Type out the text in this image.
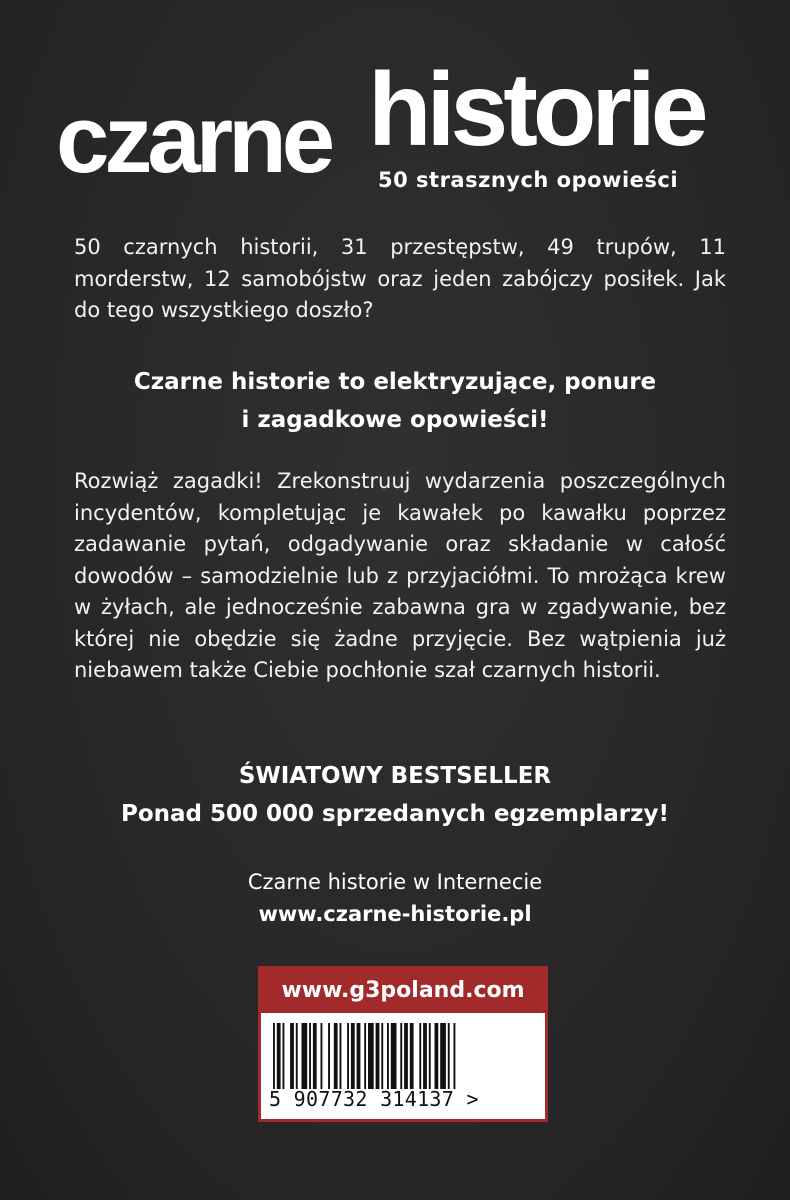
czarne historie
50 strasznych opowieści
50 czarnych historii, 31 przestępstw, 49 trupów, 11 morderstw, 12 samobójstw oraz jeden zabójczy posiłek. Jak do tego wszystkiego doszło?
Czarne historie to elektryzujące, ponure
i zagadkowe opowieści!
Rozwiąż zagadki! Zrekonstruuj wydarzenia poszczególnych incydentów, kompletując je kawałek po kawałku poprzez zadawanie pytań, odgadywanie oraz składanie w całość dowodów – samodzielnie lub z przyjaciółmi. To mrożąca krew w żyłach, ale jednocześnie zabawna gra w zgadywanie, bez której nie obędzie się żadne przyjęcie. Bez wątpienia już niebawem także Ciebie pochłonie szał czarnych historii.
ŚWIATOWY BESTSELLER
Ponad 500 000 sprzedanych egzemplarzy!
Czarne historie w Internecie
www.czarne-historie.pl
www.g3poland.com
5 907732 314137 >
